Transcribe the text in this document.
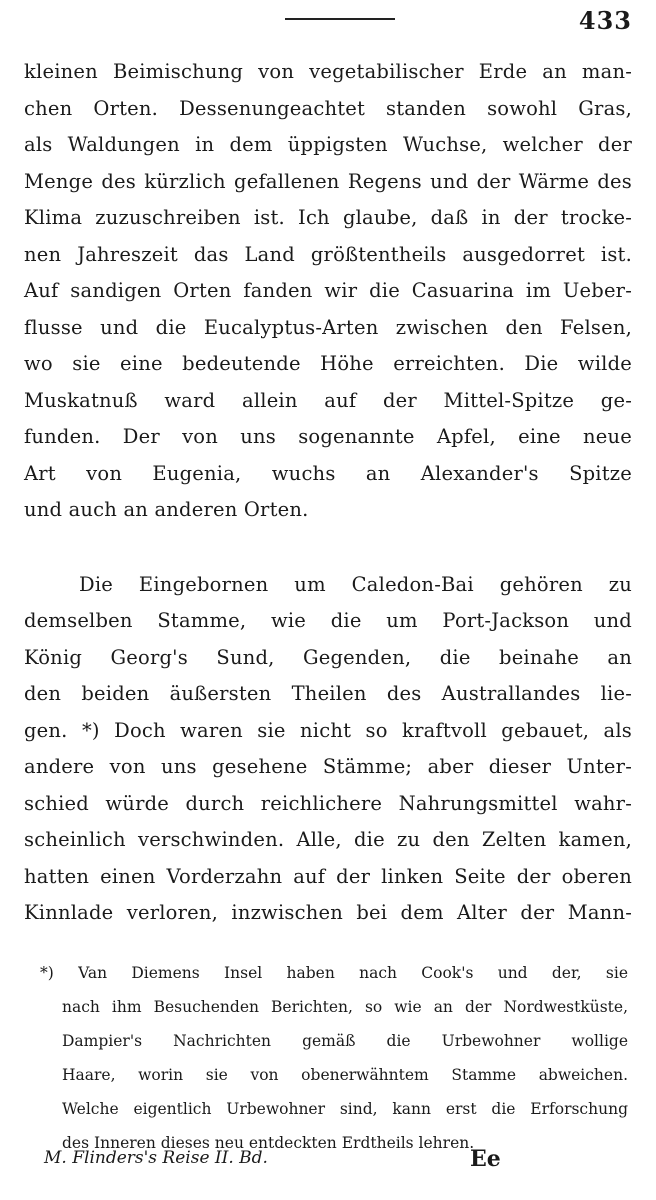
433
kleinen Beimischung von vegetabilischer Erde an man-
chen Orten. Dessenungeachtet standen sowohl Gras,
als Waldungen in dem üppigsten Wuchse, welcher der
Menge des kürzlich gefallenen Regens und der Wärme des
Klima zuzuschreiben ist. Ich glaube, daß in der trocke-
nen Jahreszeit das Land größtentheils ausgedorret ist.
Auf sandigen Orten fanden wir die Casuarina im Ueber-
flusse und die Eucalyptus-Arten zwischen den Felsen,
wo sie eine bedeutende Höhe erreichten. Die wilde
Muskatnuß ward allein auf der Mittel-Spitze ge-
funden. Der von uns sogenannte Apfel, eine neue
Art von Eugenia, wuchs an Alexander's Spitze
und auch an anderen Orten.
Die Eingebornen um Caledon-Bai gehören zu
demselben Stamme, wie die um Port-Jackson und
König Georg's Sund, Gegenden, die beinahe an
den beiden äußersten Theilen des Australlandes lie-
gen. *) Doch waren sie nicht so kraftvoll gebauet, als
andere von uns gesehene Stämme; aber dieser Unter-
schied würde durch reichlichere Nahrungsmittel wahr-
scheinlich verschwinden. Alle, die zu den Zelten kamen,
hatten einen Vorderzahn auf der linken Seite der oberen
Kinnlade verloren, inzwischen bei dem Alter der Mann-
*) Van Diemens Insel haben nach Cook's und der, sie
nach ihm Besuchenden Berichten, so wie an der Nordwestküste,
Dampier's Nachrichten gemäß die Urbewohner wollige
Haare, worin sie von obenerwähntem Stamme abweichen.
Welche eigentlich Urbewohner sind, kann erst die Erforschung
des Inneren dieses neu entdeckten Erdtheils lehren.
M. Flinders's Reise II. Bd.	Ee
